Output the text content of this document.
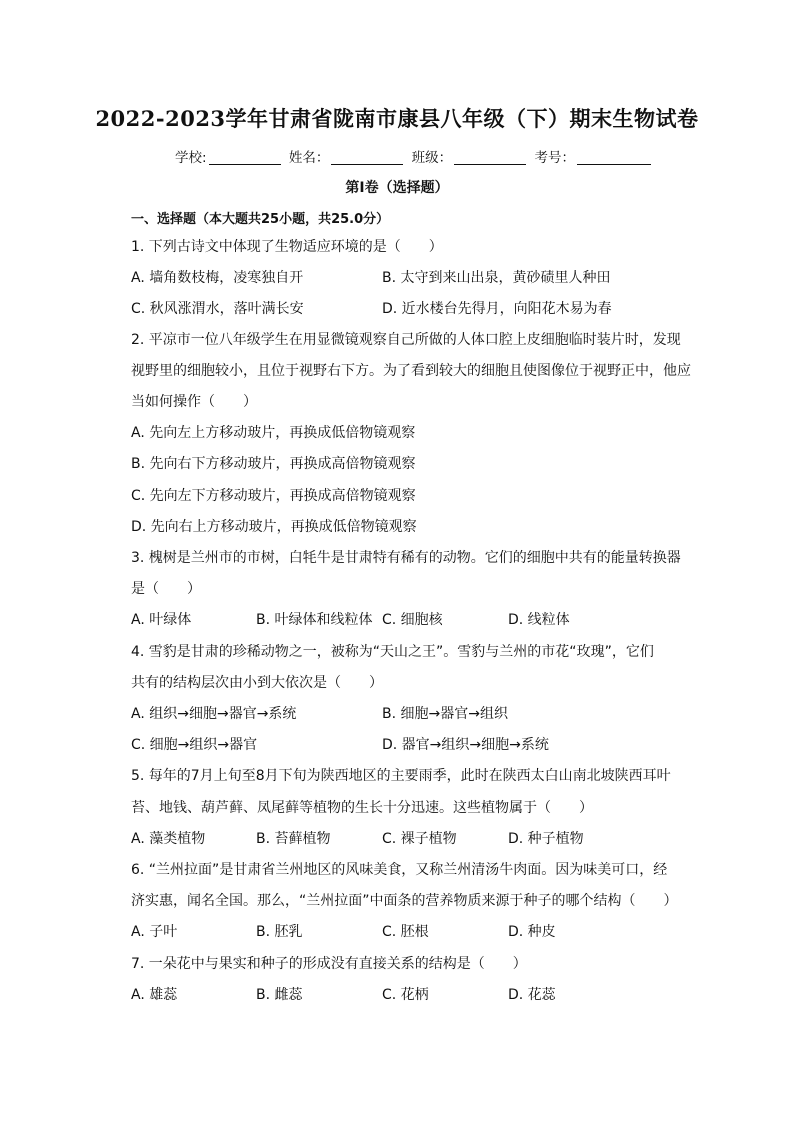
2022-2023学年甘肃省陇南市康县八年级（下）期末生物试卷
学校:	姓名：	班级：	考号：
第Ⅰ卷（选择题）
一、选择题（本大题共25小题，共25.0分）
1. 下列古诗文中体现了生物适应环境的是（　　）
A. 墙角数枝梅，凌寒独自开	B. 太守到来山出泉，黄砂碛里人种田
C. 秋风涨渭水，落叶满长安	D. 近水楼台先得月，向阳花木易为春
2. 平凉市一位八年级学生在用显微镜观察自己所做的人体口腔上皮细胞临时装片时，发现
视野里的细胞较小，且位于视野右下方。为了看到较大的细胞且使图像位于视野正中，他应
当如何操作（　　）
A. 先向左上方移动玻片，再换成低倍物镜观察
B. 先向右下方移动玻片，再换成高倍物镜观察
C. 先向左下方移动玻片，再换成高倍物镜观察
D. 先向右上方移动玻片，再换成低倍物镜观察
3. 槐树是兰州市的市树，白牦牛是甘肃特有稀有的动物。它们的细胞中共有的能量转换器
是（　　）
A. 叶绿体	B. 叶绿体和线粒体 C. 细胞核	D. 线粒体
4. 雪豹是甘肃的珍稀动物之一，被称为“天山之王”。雪豹与兰州的市花“玫瑰”，它们
共有的结构层次由小到大依次是（　　）
A. 组织→细胞→器官→系统	B. 细胞→器官→组织
C. 细胞→组织→器官	D. 器官→组织→细胞→系统
5. 每年的7月上旬至8月下旬为陕西地区的主要雨季，此时在陕西太白山南北坡陕西耳叶
苔、地钱、葫芦藓、凤尾藓等植物的生长十分迅速。这些植物属于（　　）
A. 藻类植物	B. 苔藓植物	C. 裸子植物	D. 种子植物
6. “兰州拉面”是甘肃省兰州地区的风味美食，又称兰州清汤牛肉面。因为味美可口，经
济实惠，闻名全国。那么，“兰州拉面”中面条的营养物质来源于种子的哪个结构（　　）
A. 子叶	B. 胚乳	C. 胚根	D. 种皮
7. 一朵花中与果实和种子的形成没有直接关系的结构是（　　）
A. 雄蕊	B. 雌蕊	C. 花柄	D. 花蕊
